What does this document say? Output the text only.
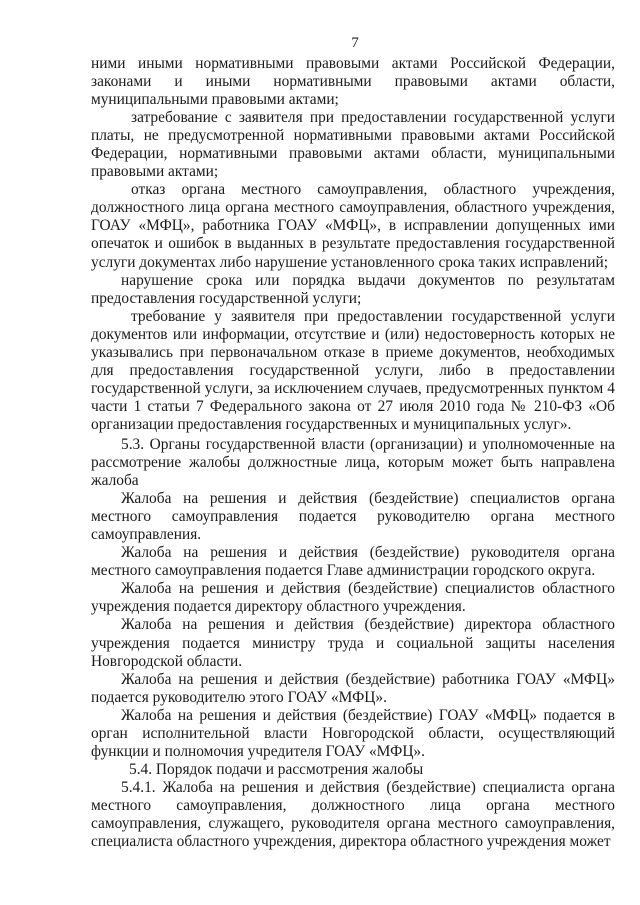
7

ними иными нормативными правовыми актами Российской Федерации, законами и иными нормативными правовыми актами области, муниципальными правовыми актами;

затребование с заявителя при предоставлении государственной услуги платы, не предусмотренной нормативными правовыми актами Российской Федерации, нормативными правовыми актами области, муниципальными правовыми актами;

отказ органа местного самоуправления, областного учреждения, должностного лица органа местного самоуправления, областного учреждения, ГОАУ «МФЦ», работника ГОАУ «МФЦ», в исправлении допущенных ими опечаток и ошибок в выданных в результате предоставления государственной услуги документах либо нарушение установленного срока таких исправлений;

нарушение срока или порядка выдачи документов по результатам предоставления государственной услуги;

требование у заявителя при предоставлении государственной услуги документов или информации, отсутствие и (или) недостоверность которых не указывались при первоначальном отказе в приеме документов, необходимых для предоставления государственной услуги, либо в предоставлении государственной услуги, за исключением случаев, предусмотренных пунктом 4 части 1 статьи 7 Федерального закона от 27 июля 2010 года № 210-ФЗ «Об организации предоставления государственных и муниципальных услуг».

5.3. Органы государственной власти (организации) и уполномоченные на рассмотрение жалобы должностные лица, которым может быть направлена жалоба

Жалоба на решения и действия (бездействие) специалистов органа местного самоуправления подается руководителю органа местного самоуправления.

Жалоба на решения и действия (бездействие) руководителя органа местного самоуправления подается Главе администрации городского округа.

Жалоба на решения и действия (бездействие) специалистов областного учреждения подается директору областного учреждения.

Жалоба на решения и действия (бездействие) директора областного учреждения подается министру труда и социальной защиты населения Новгородской области.

Жалоба на решения и действия (бездействие) работника ГОАУ «МФЦ» подается руководителю этого ГОАУ «МФЦ».

Жалоба на решения и действия (бездействие) ГОАУ «МФЦ» подается в орган исполнительной власти Новгородской области, осуществляющий функции и полномочия учредителя ГОАУ «МФЦ».

5.4. Порядок подачи и рассмотрения жалобы

5.4.1. Жалоба на решения и действия (бездействие) специалиста органа местного самоуправления, должностного лица органа местного самоуправления, служащего, руководителя органа местного самоуправления, специалиста областного учреждения, директора областного учреждения может
